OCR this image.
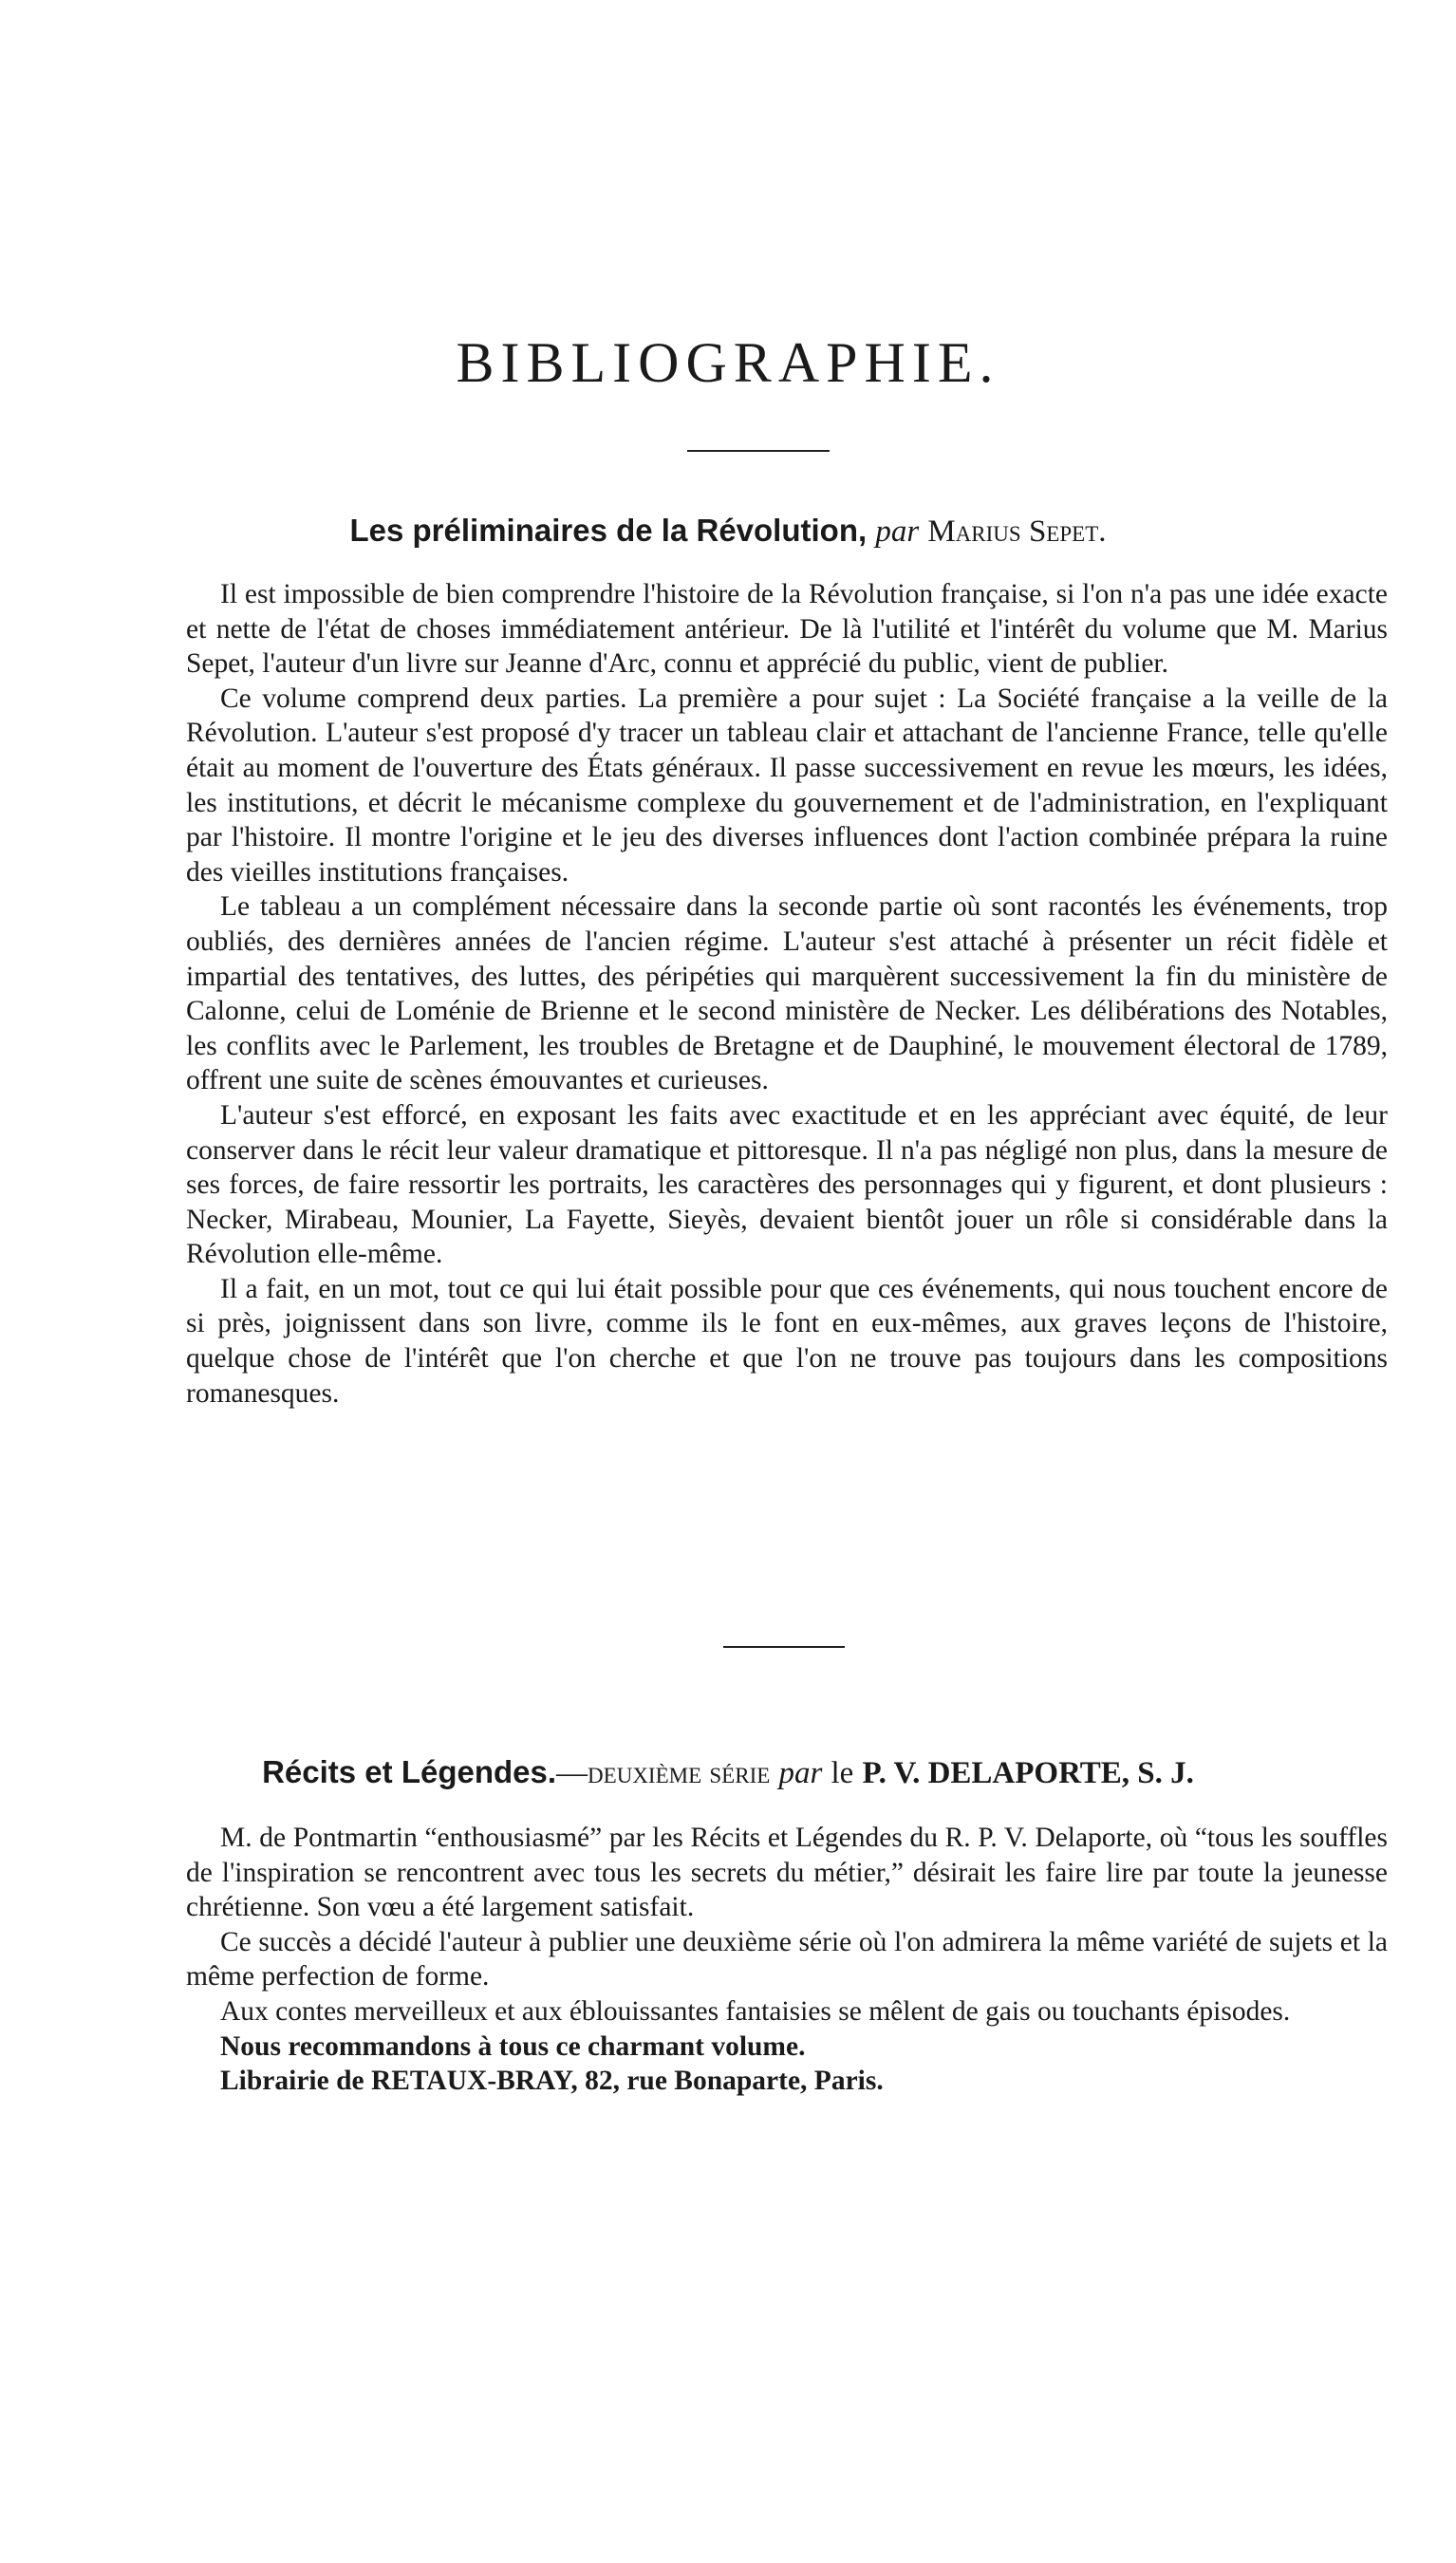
BIBLIOGRAPHIE.
Les préliminaires de la Révolution, par Marius Sepet.

Il est impossible de bien comprendre l'histoire de la Révolution française, si l'on n'a pas une idée exacte et nette de l'état de choses immédiatement antérieur. De là l'utilité et l'intérêt du volume que M. Marius Sepet, l'auteur d'un livre sur Jeanne d'Arc, connu et apprécié du public, vient de publier.

Ce volume comprend deux parties. La première a pour sujet : La Société française a la veille de la Révolution. L'auteur s'est proposé d'y tracer un tableau clair et attachant de l'ancienne France, telle qu'elle était au moment de l'ouverture des États généraux. Il passe successivement en revue les mœurs, les idées, les institutions, et décrit le mécanisme complexe du gouvernement et de l'administration, en l'expliquant par l'histoire. Il montre l'origine et le jeu des diverses influences dont l'action combinée prépara la ruine des vieilles institutions françaises.

Le tableau a un complément nécessaire dans la seconde partie où sont racontés les événements, trop oubliés, des dernières années de l'ancien régime. L'auteur s'est attaché à présenter un récit fidèle et impartial des tentatives, des luttes, des péripéties qui marquèrent successivement la fin du ministère de Calonne, celui de Loménie de Brienne et le second ministère de Necker. Les délibérations des Notables, les conflits avec le Parlement, les troubles de Bretagne et de Dauphiné, le mouvement électoral de 1789, offrent une suite de scènes émouvantes et curieuses.

L'auteur s'est efforcé, en exposant les faits avec exactitude et en les appréciant avec équité, de leur conserver dans le récit leur valeur dramatique et pittoresque. Il n'a pas négligé non plus, dans la mesure de ses forces, de faire ressortir les portraits, les caractères des personnages qui y figurent, et dont plusieurs : Necker, Mirabeau, Mounier, La Fayette, Sieyès, devaient bientôt jouer un rôle si considérable dans la Révolution elle-même.

Il a fait, en un mot, tout ce qui lui était possible pour que ces événements, qui nous touchent encore de si près, joignissent dans son livre, comme ils le font en eux-mêmes, aux graves leçons de l'histoire, quelque chose de l'intérêt que l'on cherche et que l'on ne trouve pas toujours dans les compositions romanesques.

Récits et Légendes.—deuxième série par le P. V. DELAPORTE, S. J.

M. de Pontmartin “enthousiasmé” par les Récits et Légendes du R. P. V. Delaporte, où “tous les souffles de l'inspiration se rencontrent avec tous les secrets du métier,” désirait les faire lire par toute la jeunesse chrétienne. Son vœu a été largement satisfait.

Ce succès a décidé l'auteur à publier une deuxième série où l'on admirera la même variété de sujets et la même perfection de forme.

Aux contes merveilleux et aux éblouissantes fantaisies se mêlent de gais ou touchants épisodes.

Nous recommandons à tous ce charmant volume.

Librairie de RETAUX-BRAY, 82, rue Bonaparte, Paris.
